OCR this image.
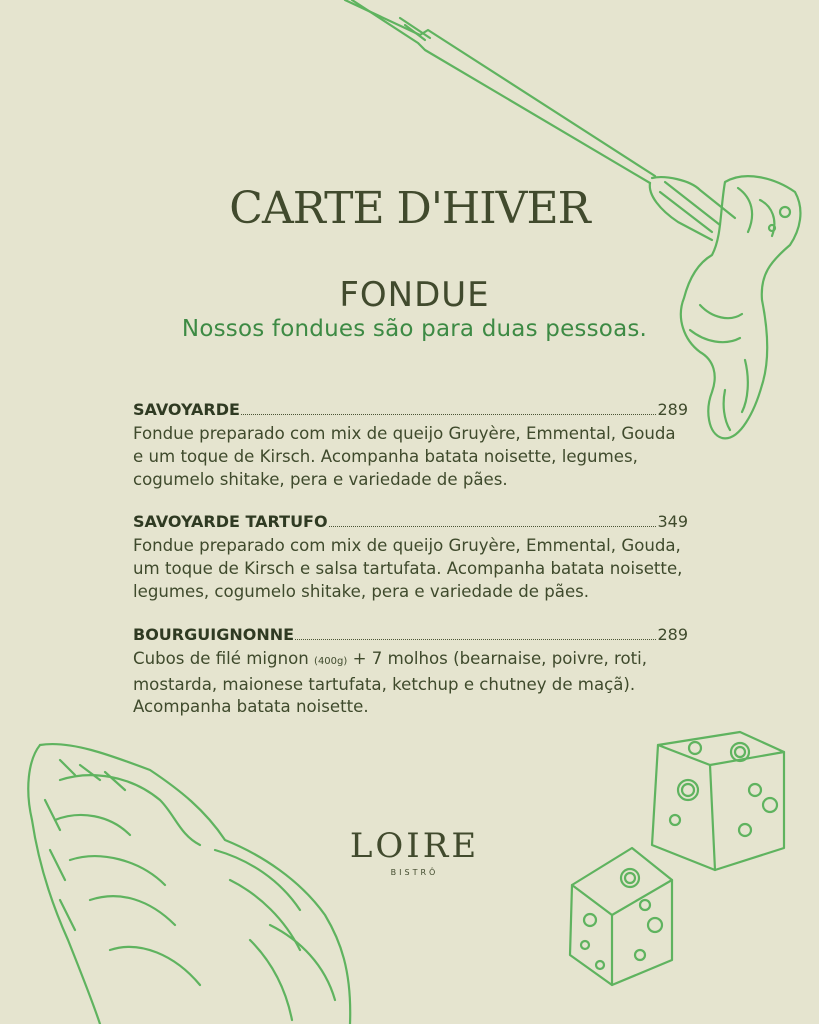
CARTE D'HIVER
FONDUE
Nossos fondues são para duas pessoas.
SAVOYARDE	289
Fondue preparado com mix de queijo Gruyère, Emmental, Gouda e um toque de Kirsch. Acompanha batata noisette, legumes, cogumelo shitake, pera e variedade de pães.
SAVOYARDE TARTUFO	349
Fondue preparado com mix de queijo Gruyère, Emmental, Gouda, um toque de Kirsch e salsa tartufata. Acompanha batata noisette, legumes, cogumelo shitake, pera e variedade de pães.
BOURGUIGNONNE	289
Cubos de filé mignon (400g) + 7 molhos (bearnaise, poivre, roti, mostarda, maionese tartufata, ketchup e chutney de maçã). Acompanha batata noisette.
LOIRE
BISTRÔ
